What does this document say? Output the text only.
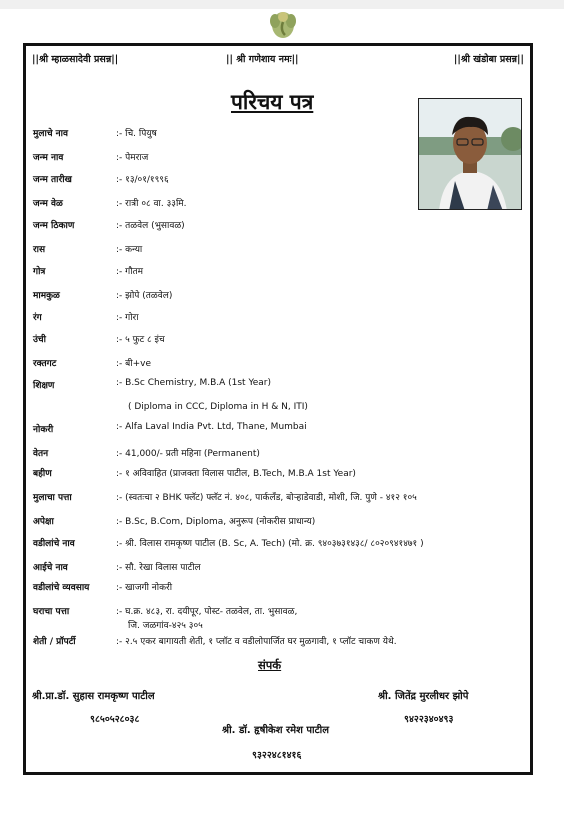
||श्री म्हाळसादेवी प्रसन्न||	|| श्री गणेशाय नमः||	||श्री खंडोबा प्रसन्न||
परिचय पत्र
मुलाचे नाव	:- चि. पियुष
जन्म नाव	:- पेमराज
जन्म तारीख	:- १३/०१/१९९६
जन्म वेळ	:- रात्री ०८ वा. ३३मि.
जन्म ठिकाण	:- तळवेल (भुसावळ)
रास	:- कन्या
गोत्र	:- गौतम
मामकुळ	:- झोपे (तळवेल)
रंग	:- गोरा
उंची	:- ५ फुट ८ इंच
रक्तगट	:- बी+ve
शिक्षण	:- B.Sc Chemistry, M.B.A (1st Year)
( Diploma in CCC, Diploma in H & N, ITI)
नोकरी	:- Alfa Laval India Pvt. Ltd, Thane, Mumbai
वेतन	:- 41,000/- प्रती महिना (Permanent)
बहीण	:- १ अविवाहित (प्राजक्ता विलास पाटील, B.Tech, M.B.A 1st Year)
मुलाचा पत्ता	:- (स्वतःचा २ BHK फ्लॅट) फ्लॅट नं. ४०८, पार्कलॅंड, बोऱ्हाडेवाडी, मोशी, जि. पुणे - ४१२ १०५
अपेक्षा	:- B.Sc, B.Com, Diploma, अनुरूप (नोकरीस प्राधान्य)
वडीलांचे नाव	:- श्री. विलास रामकृष्ण पाटील (B. Sc, A. Tech) (मो. क्र. ९४०३७३१४३८/ ८०२०९४१४७१ )
आईचे नाव	:- सौ. रेखा विलास पाटील
वडीलांचे व्यवसाय	:- खाजगी नोकरी
घराचा पत्ता	:- घ.क्र. ४८३, रा. दयीपूर, पोस्ट- तळवेल, ता. भुसावळ,
जि. जळगांव-४२५ ३०५
शेती / प्रॉपर्टी	:- २.५ एकर बागायती शेती, १ प्लॉट व वडीलोपार्जित घर मुळगावी, १ प्लॉट चाकण येथे.
संपर्क
श्री.प्रा.डॉ. सुहास रामकृष्ण पाटील
९८५०५२८०३८
श्री. जितेंद्र मुरलीधर झोपे
९४२२३४०४९३
श्री. डॉ. हृषीकेश रमेश पाटील
९३२२४८१४१६
